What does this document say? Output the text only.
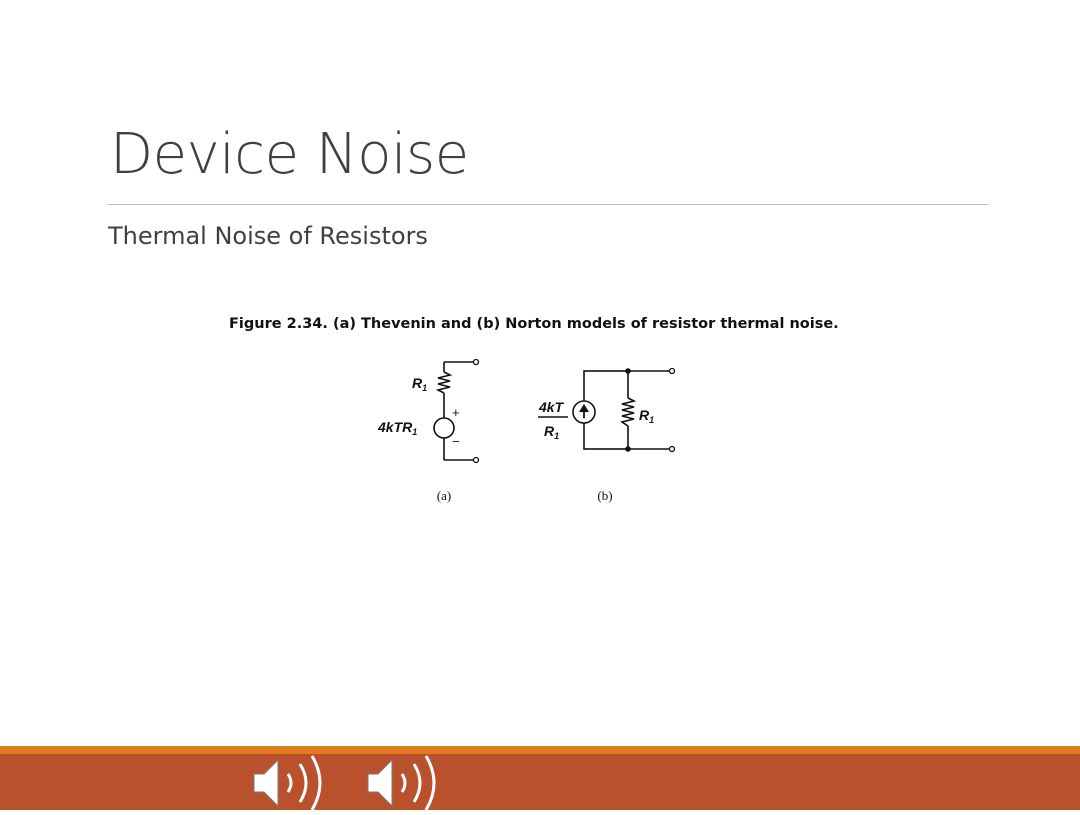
Device Noise
Thermal Noise of Resistors
Figure 2.34. (a) Thevenin and (b) Norton models of resistor thermal noise.
$R_1$
4kTR$_1$
+
−
(a)
4kT
$R_1$
$R_1$
(b)
